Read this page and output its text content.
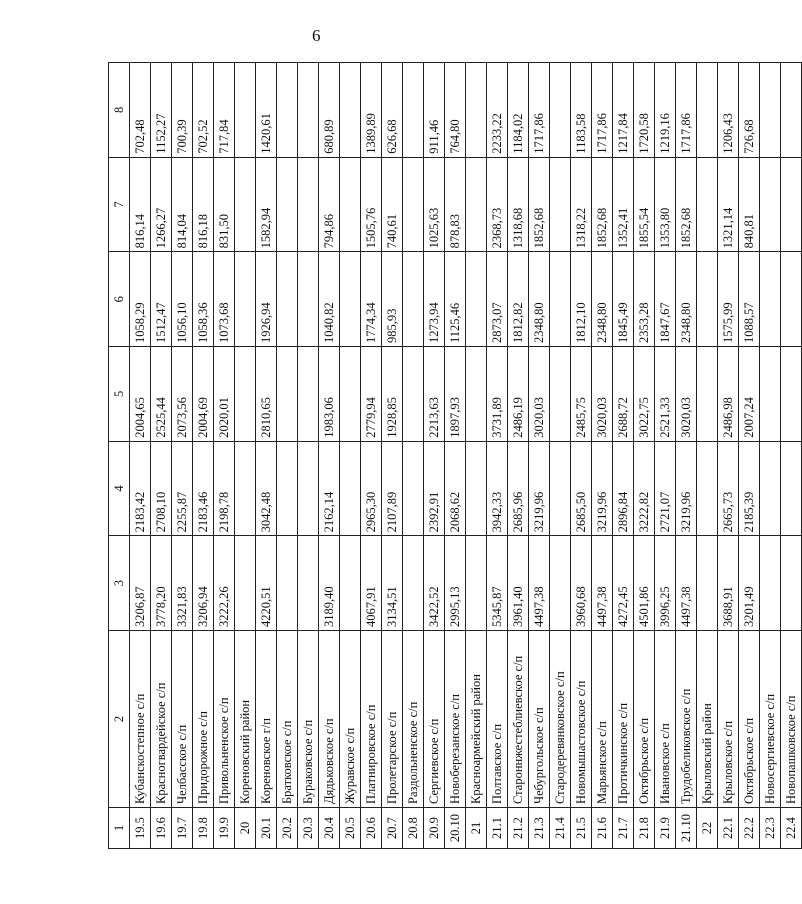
6
1	2	3	4	5	6	7	8
19.5	Кубанскостепное с/п	3206,87	2183,42	2004,65	1058,29	816,14	702,48
19.6	Красногвардейское с/п	3778,20	2708,10	2525,44	1512,47	1266,27	1152,27
19.7	Челбасское с/п	3321,83	2255,87	2073,56	1056,10	814,04	700,39
19.8	Придорожное с/п	3206,94	2183,46	2004,69	1058,36	816,18	702,52
19.9	Привольненское с/п	3222,26	2198,78	2020,01	1073,68	831,50	717,84
20	Кореновский район						
20.1	Кореновское г/п	4220,51	3042,48	2810,65	1926,94	1582,94	1420,61
20.2	Братковское с/п						
20.3	Бураковское с/п						
20.4	Дядьковское с/п	3189,40	2162,14	1983,06	1040,82	794,86	680,89
20.5	Журавское с/п						
20.6	Платнировское с/п	4067,91	2965,30	2779,94	1774,34	1505,76	1389,89
20.7	Пролетарское с/п	3134,51	2107,89	1928,85	985,93	740,61	626,68
20.8	Раздольненское с/п						
20.9	Сергиевское с/п	3422,52	2392,91	2213,63	1273,94	1025,63	911,46
20.10	Новоберезанское с/п	2995,13	2068,62	1897,93	1125,46	878,83	764,80
21	Красноармейский район						
21.1	Полтавское с/п	5345,87	3942,33	3731,89	2873,07	2368,73	2233,22
21.2	Староннжестеблиевское с/п	3961,40	2685,96	2486,19	1812,82	1318,68	1184,02
21.3	Чебургольское с/п	4497,38	3219,96	3020,03	2348,80	1852,68	1717,86
21.4	Стародеревянковское с/п						
21.5	Новомышастовское с/п	3960,68	2685,50	2485,75	1812,10	1318,22	1183,58
21.6	Марьянское с/п	4497,38	3219,96	3020,03	2348,80	1852,68	1717,86
21.7	Протичкинское с/п	4272,45	2896,84	2688,72	1845,49	1352,41	1217,84
21.8	Октябрьское с/п	4501,86	3222,82	3022,75	2353,28	1855,54	1720,58
21.9	Ивановское с/п	3996,25	2721,07	2521,33	1847,67	1353,80	1219,16
21.10	Трудобеликовское с/п	4497,38	3219,96	3020,03	2348,80	1852,68	1717,86
22	Крыловский район						
22.1	Крыловское с/п	3688,91	2665,73	2486,98	1575,99	1321,14	1206,43
22.2	Октябрьское с/п	3201,49	2185,39	2007,24	1088,57	840,81	726,68
22.3	Новосергиевское с/п						
22.4	Новопашковское с/п						
